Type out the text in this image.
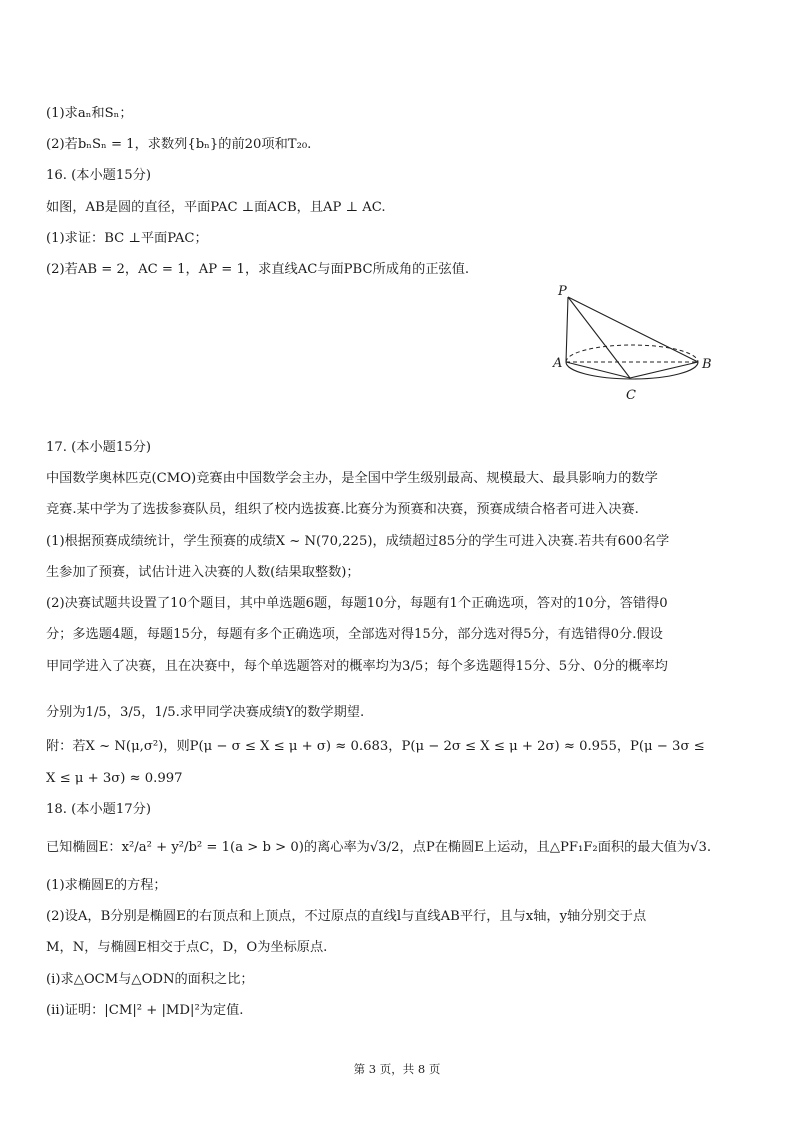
(1)求aₙ和Sₙ；
(2)若bₙSₙ = 1，求数列{bₙ}的前20项和T₂₀.
16. (本小题15分)
如图，AB是圆的直径，平面PAC ⊥面ACB，且AP ⊥ AC.
(1)求证：BC ⊥平面PAC；
(2)若AB = 2，AC = 1，AP = 1，求直线AC与面PBC所成角的正弦值.
17. (本小题15分)
中国数学奥林匹克(CMO)竞赛由中国数学会主办，是全国中学生级别最高、规模最大、最具影响力的数学
竞赛.某中学为了选拔参赛队员，组织了校内选拔赛.比赛分为预赛和决赛，预赛成绩合格者可进入决赛.
(1)根据预赛成绩统计，学生预赛的成绩X ~ N(70,225)，成绩超过85分的学生可进入决赛.若共有600名学
生参加了预赛，试估计进入决赛的人数(结果取整数)；
(2)决赛试题共设置了10个题目，其中单选题6题，每题10分，每题有1个正确选项，答对的10分，答错得0
分；多选题4题，每题15分，每题有多个正确选项，全部选对得15分，部分选对得5分，有选错得0分.假设
甲同学进入了决赛，且在决赛中，每个单选题答对的概率均为3/5；每个多选题得15分、5分、0分的概率均
分别为1/5，3/5，1/5.求甲同学决赛成绩Y的数学期望.
附：若X ~ N(μ,σ²)，则P(μ − σ ≤ X ≤ μ + σ) ≈ 0.683，P(μ − 2σ ≤ X ≤ μ + 2σ) ≈ 0.955，P(μ − 3σ ≤
X ≤ μ + 3σ) ≈ 0.997
18. (本小题17分)
已知椭圆E：x²/a² + y²/b² = 1(a > b > 0)的离心率为√3/2，点P在椭圆E上运动，且△PF₁F₂面积的最大值为√3.
(1)求椭圆E的方程；
(2)设A，B分别是椭圆E的右顶点和上顶点，不过原点的直线l与直线AB平行，且与x轴，y轴分别交于点
M，N，与椭圆E相交于点C，D，O为坐标原点.
(i)求△OCM与△ODN的面积之比；
(ii)证明：|CM|² + |MD|²为定值.
P
A	B
C
第 3 页，共 8 页
